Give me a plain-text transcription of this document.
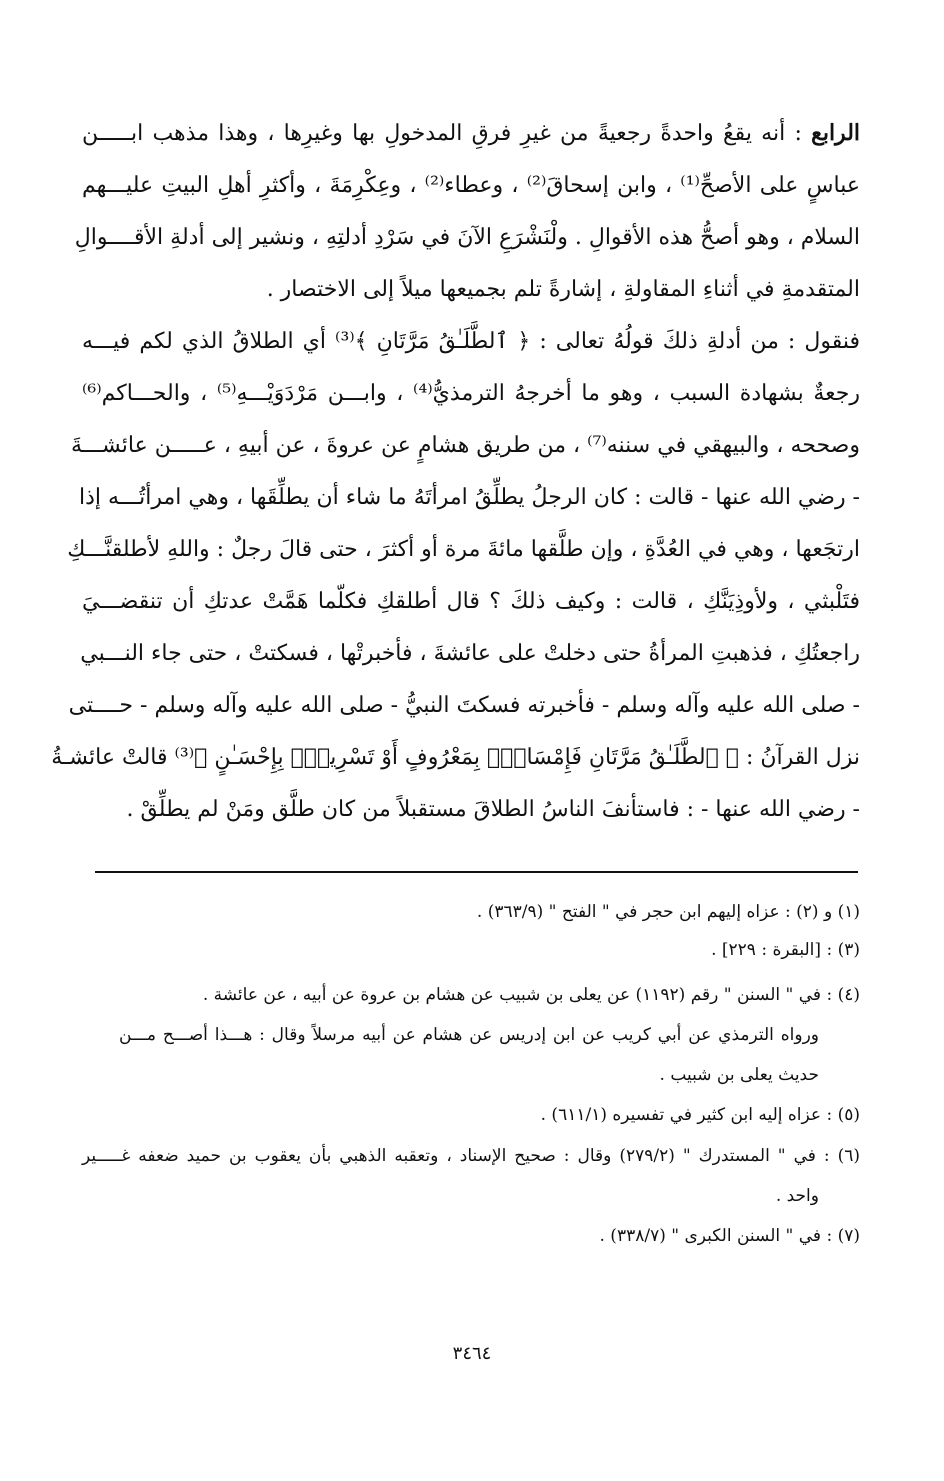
الرابع : أنه يقعُ واحدةً رجعيةً من غيرِ فرقِ المدخولِ بها وغيرِها ، وهذا مذهب ابـــــن
عباسٍ على الأصحِّ⁽¹⁾ ، وابن إسحاقَ⁽²⁾ ، وعطاء⁽²⁾ ، وعِكْرِمَةَ ، وأكثرِ أهلِ البيتِ عليـــهم
السلام ، وهو أصحُّ هذه الأقوالِ . ولْنَشْرَعِ الآنَ في سَرْدِ أدلتِهِ ، ونشير إلى أدلةِ الأقــــوالِ
المتقدمةِ في أثناءِ المقاولةِ ، إشارةً تلم بجميعها ميلاً إلى الاختصار .
فنقول : من أدلةِ ذلكَ قولُهُ تعالى : ﴿ ٱلطَّلَـٰقُ مَرَّتَانِ ﴾⁽³⁾ أي الطلاقُ الذي لكم فيـــه
رجعةٌ بشهادة السبب ، وهو ما أخرجهُ الترمذيُّ⁽⁴⁾ ، وابـــن مَرْدَوَيْـــهِ⁽⁵⁾ ، والحـــاكم⁽⁶⁾
وصححه ، والبيهقي في سننه⁽⁷⁾ ، من طريق هشامٍ عن عروةَ ، عن أبيهِ ، عـــــن عائشـــةَ
- رضي الله عنها - قالت : كان الرجلُ يطلِّقُ امرأتَهُ ما شاء أن يطلِّقَها ، وهي امرأتُـــه إذا
ارتجَعها ، وهي في العُدَّةِ ، وإن طلَّقها مائةَ مرة أو أكثرَ ، حتى قالَ رجلٌ : واللهِ لأطلقنَّـــكِ
فتَلْبثي ، ولأوذِيَنَّكِ ، قالت : وكيف ذلكَ ؟ قال أطلقكِ فكلّما هَمَّتْ عدتكِ أن تنقضـــيَ
راجعتُكِ ، فذهبتِ المرأةُ حتى دخلتْ على عائشةَ ، فأخبرتْها ، فسكتتْ ، حتى جاء النـــبي
- صلى الله عليه وآله وسلم - فأخبرته فسكتَ النبيُّ - صلى الله عليه وآله وسلم - حــــتى
نزل القرآنُ : ﴿ ٱلطَّلَـٰقُ مَرَّتَانِ فَإِمْسَاكٌۢ بِمَعْرُوفٍ أَوْ تَسْرِيحٌۢ بِإِحْسَـٰنٍ ﴾⁽³⁾ قالتْ عائشـةُ
- رضي الله عنها - : فاستأنفَ الناسُ الطلاقَ مستقبلاً من كان طلَّق ومَنْ لم يطلِّقْ .
(١) و (٢) : عزاه إليهم ابن حجر في " الفتح " (٣٦٣/٩) .
(٣) : [البقرة : ٢٢٩] .
(٤) : في " السنن " رقم (١١٩٢) عن يعلى بن شبيب عن هشام بن عروة عن أبيه ، عن عائشة .
ورواه الترمذي عن أبي كريب عن ابن إدريس عن هشام عن أبيه مرسلاً وقال : هـــذا أصـــح مـــن
حديث يعلى بن شبيب .
(٥) : عزاه إليه ابن كثير في تفسيره (٦١١/١) .
(٦) : في " المستدرك " (٢٧٩/٢) وقال : صحيح الإسناد ، وتعقبه الذهبي بأن يعقوب بن حميد ضعفه غـــــير
واحد .
(٧) : في " السنن الكبرى " (٣٣٨/٧) .
٣٤٦٤
